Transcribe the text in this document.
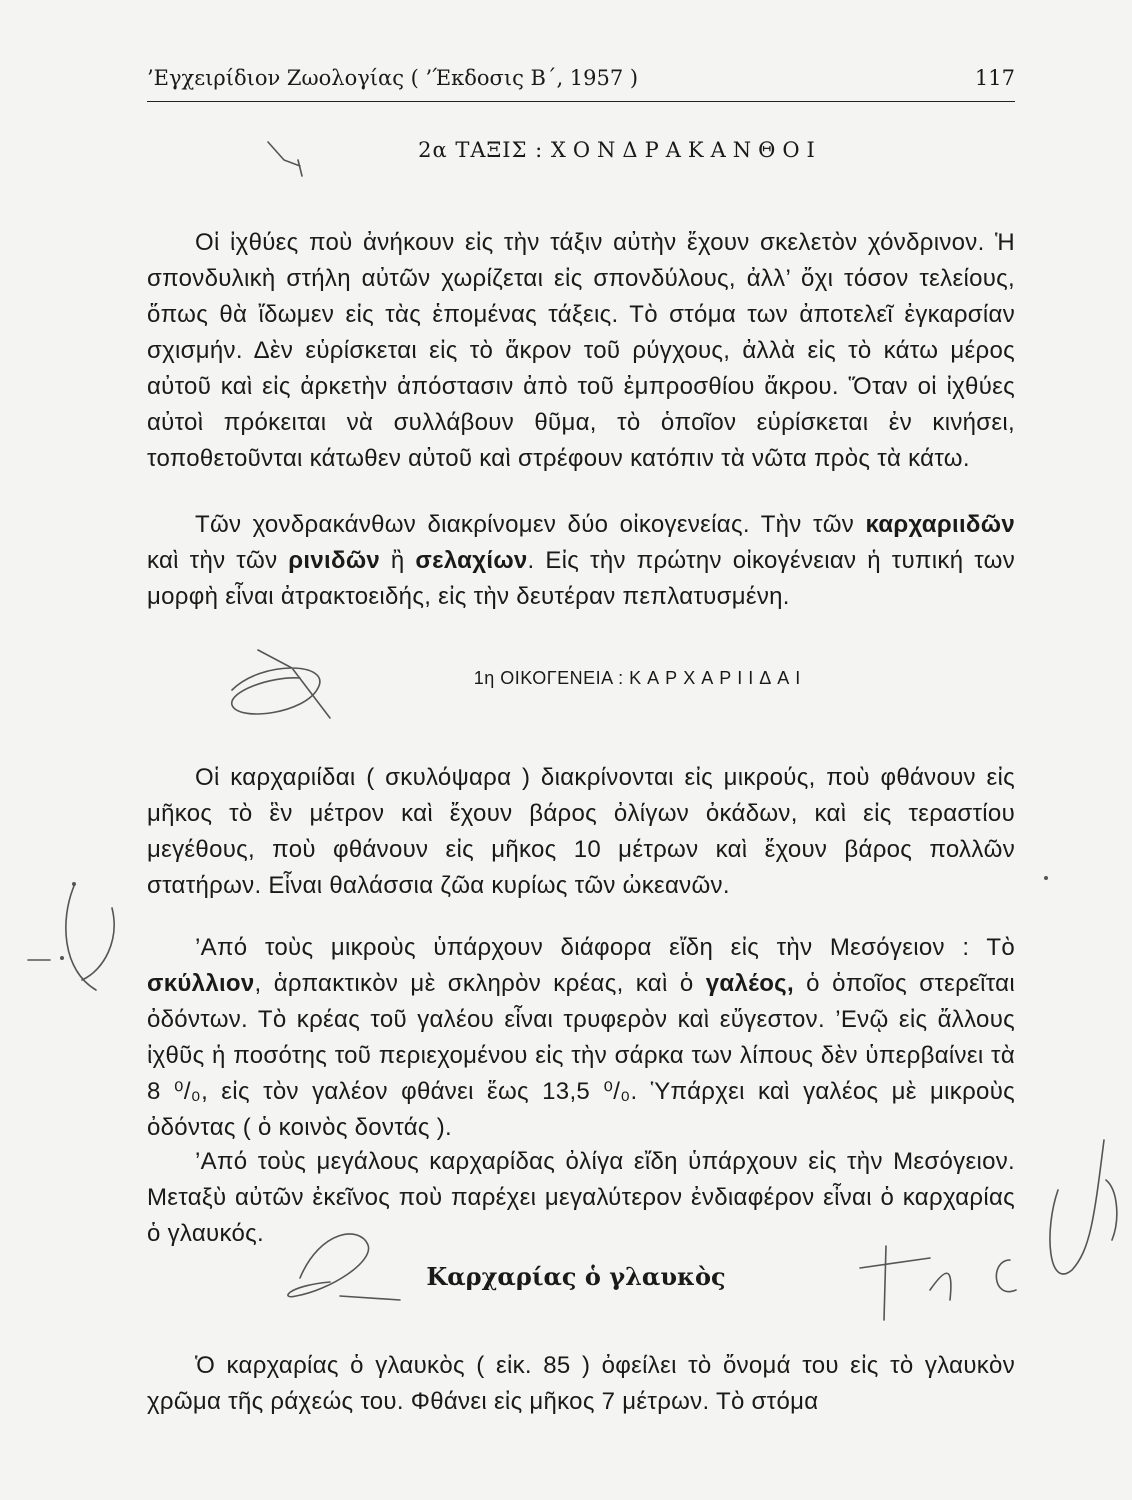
’Εγχειρίδιον Ζωολογίας ( ’Έκδοσις Β΄, 1957 )	117
2α ΤΑΞΙΣ : ΧΟΝΔΡΑΚΑΝΘΟΙ

Οἱ ἰχθύες ποὺ ἀνήκουν εἰς τὴν τάξιν αὐτὴν ἔχουν σκελετὸν χόνδρινον. Ἡ σπονδυλικὴ στήλη αὐτῶν χωρίζεται εἰς σπονδύλους, ἀλλ’ ὄχι τόσον τελείους, ὅπως θὰ ἴδωμεν εἰς τὰς ἑπομένας τάξεις. Τὸ στόμα των ἀποτελεῖ ἐγκαρσίαν σχισμήν. Δὲν εὑρίσκεται εἰς τὸ ἄκρον τοῦ ρύγχους, ἀλλὰ εἰς τὸ κάτω μέρος αὐτοῦ καὶ εἰς ἀρκετὴν ἀπόστασιν ἀπὸ τοῦ ἐμπροσθίου ἄκρου. Ὅταν οἱ ἰχθύες αὐτοὶ πρόκειται νὰ συλλάβουν θῦμα, τὸ ὁποῖον εὑρίσκεται ἐν κινήσει, τοποθετοῦνται κάτωθεν αὐτοῦ καὶ στρέφουν κατόπιν τὰ νῶτα πρὸς τὰ κάτω.

Τῶν χονδρακάνθων διακρίνομεν δύο οἰκογενείας. Τὴν τῶν καρχαριιδῶν καὶ τὴν τῶν ρινιδῶν ἢ σελαχίων. Εἰς τὴν πρώτην οἰκογένειαν ἡ τυπική των μορφὴ εἶναι ἀτρακτοειδής, εἰς τὴν δευτέραν πεπλατυσμένη.

1η ΟΙΚΟΓΕΝΕΙΑ : ΚΑΡΧΑΡΙΙΔΑΙ

Οἱ καρχαριίδαι ( σκυλόψαρα ) διακρίνονται εἰς μικρούς, ποὺ φθάνουν εἰς μῆκος τὸ ἓν μέτρον καὶ ἔχουν βάρος ὀλίγων ὀκάδων, καὶ εἰς τεραστίου μεγέθους, ποὺ φθάνουν εἰς μῆκος 10 μέτρων καὶ ἔχουν βάρος πολλῶν στατήρων. Εἶναι θαλάσσια ζῶα κυρίως τῶν ὠκεανῶν.

’Από τοὺς μικροὺς ὑπάρχουν διάφορα εἴδη εἰς τὴν Μεσόγειον : Τὸ σκύλλιον, ἁρπακτικὸν μὲ σκληρὸν κρέας, καὶ ὁ γαλέος, ὁ ὁποῖος στερεῖται ὀδόντων. Τὸ κρέας τοῦ γαλέου εἶναι τρυφερὸν καὶ εὔγεστον. ’Ενῷ εἰς ἄλλους ἰχθῦς ἡ ποσότης τοῦ περιεχομένου εἰς τὴν σάρκα των λίπους δὲν ὑπερβαίνει τὰ 8 ⁰/₀, εἰς τὸν γαλέον φθάνει ἕως 13,5 ⁰/₀. Ὑπάρχει καὶ γαλέος μὲ μικροὺς ὀδόντας ( ὁ κοινὸς δοντάς ).

’Από τοὺς μεγάλους καρχαρίδας ὀλίγα εἴδη ὑπάρχουν εἰς τὴν Μεσόγειον. Μεταξὺ αὐτῶν ἐκεῖνος ποὺ παρέχει μεγαλύτερον ἐνδιαφέρον εἶναι ὁ καρχαρίας ὁ γλαυκός.

Καρχαρίας ὁ γλαυκὸς

Ὁ καρχαρίας ὁ γλαυκὸς ( εἰκ. 85 ) ὀφείλει τὸ ὄνομά του εἰς τὸ γλαυκὸν χρῶμα τῆς ράχεώς του. Φθάνει εἰς μῆκος 7 μέτρων. Τὸ στόμα
